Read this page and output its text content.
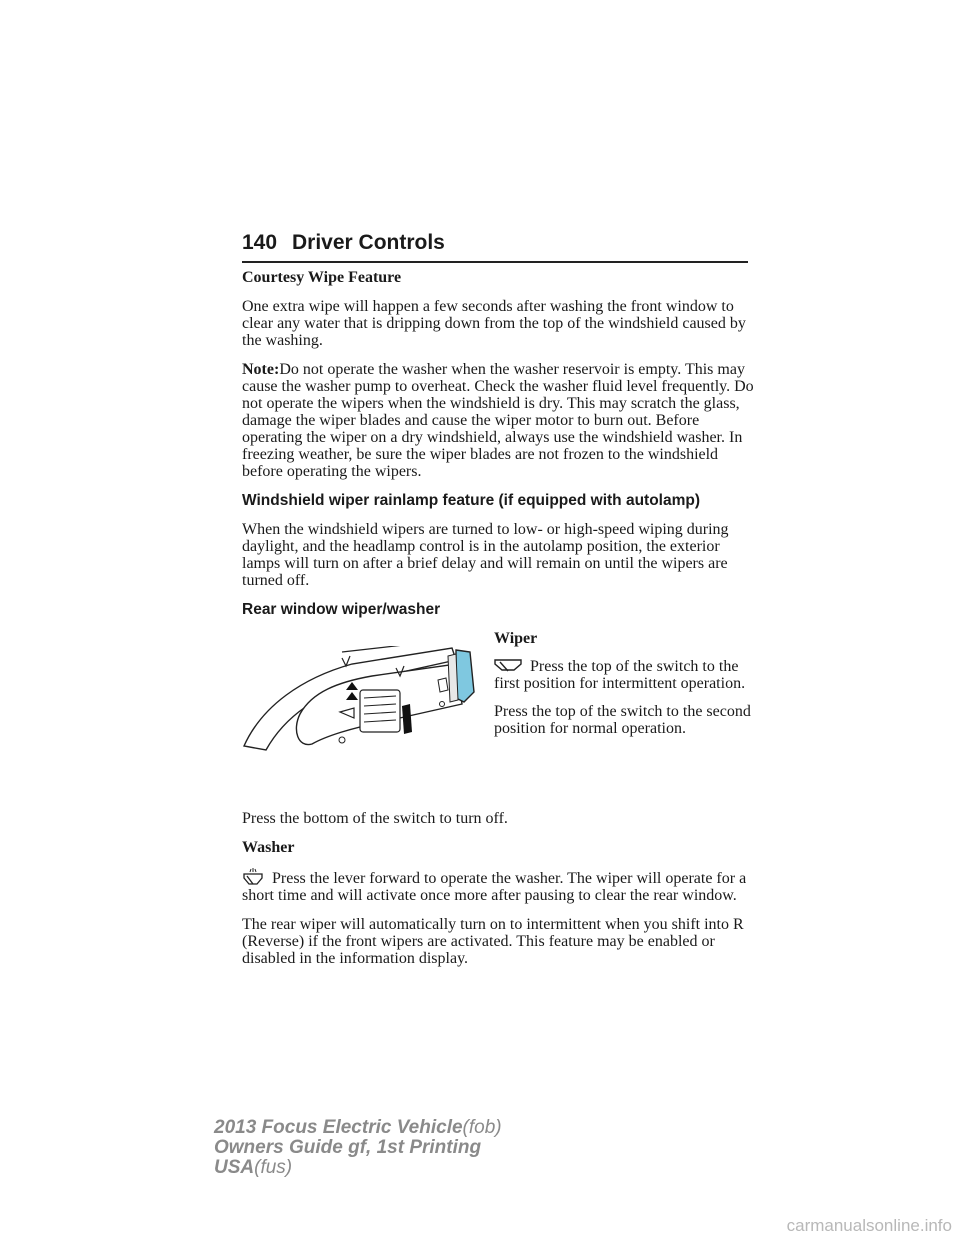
140 Driver Controls

Courtesy Wipe Feature

One extra wipe will happen a few seconds after washing the front window to clear any water that is dripping down from the top of the windshield caused by the washing.

Note:Do not operate the washer when the washer reservoir is empty. This may cause the washer pump to overheat. Check the washer fluid level frequently. Do not operate the wipers when the windshield is dry. This may scratch the glass, damage the wiper blades and cause the wiper motor to burn out. Before operating the wiper on a dry windshield, always use the windshield washer. In freezing weather, be sure the wiper blades are not frozen to the windshield before operating the wipers.

Windshield wiper rainlamp feature (if equipped with autolamp)

When the windshield wipers are turned to low- or high-speed wiping during daylight, and the headlamp control is in the autolamp position, the exterior lamps will turn on after a brief delay and will remain on until the wipers are turned off.

Rear window wiper/washer

Wiper

Press the top of the switch to the first position for intermittent operation.

Press the top of the switch to the second position for normal operation.

Press the bottom of the switch to turn off.

Washer

Press the lever forward to operate the washer. The wiper will operate for a short time and will activate once more after pausing to clear the rear window.

The rear wiper will automatically turn on to intermittent when you shift into R (Reverse) if the front wipers are activated. This feature may be enabled or disabled in the information display.

2013 Focus Electric Vehicle(fob)
Owners Guide gf, 1st Printing
USA(fus)
carmanualsonline.info
